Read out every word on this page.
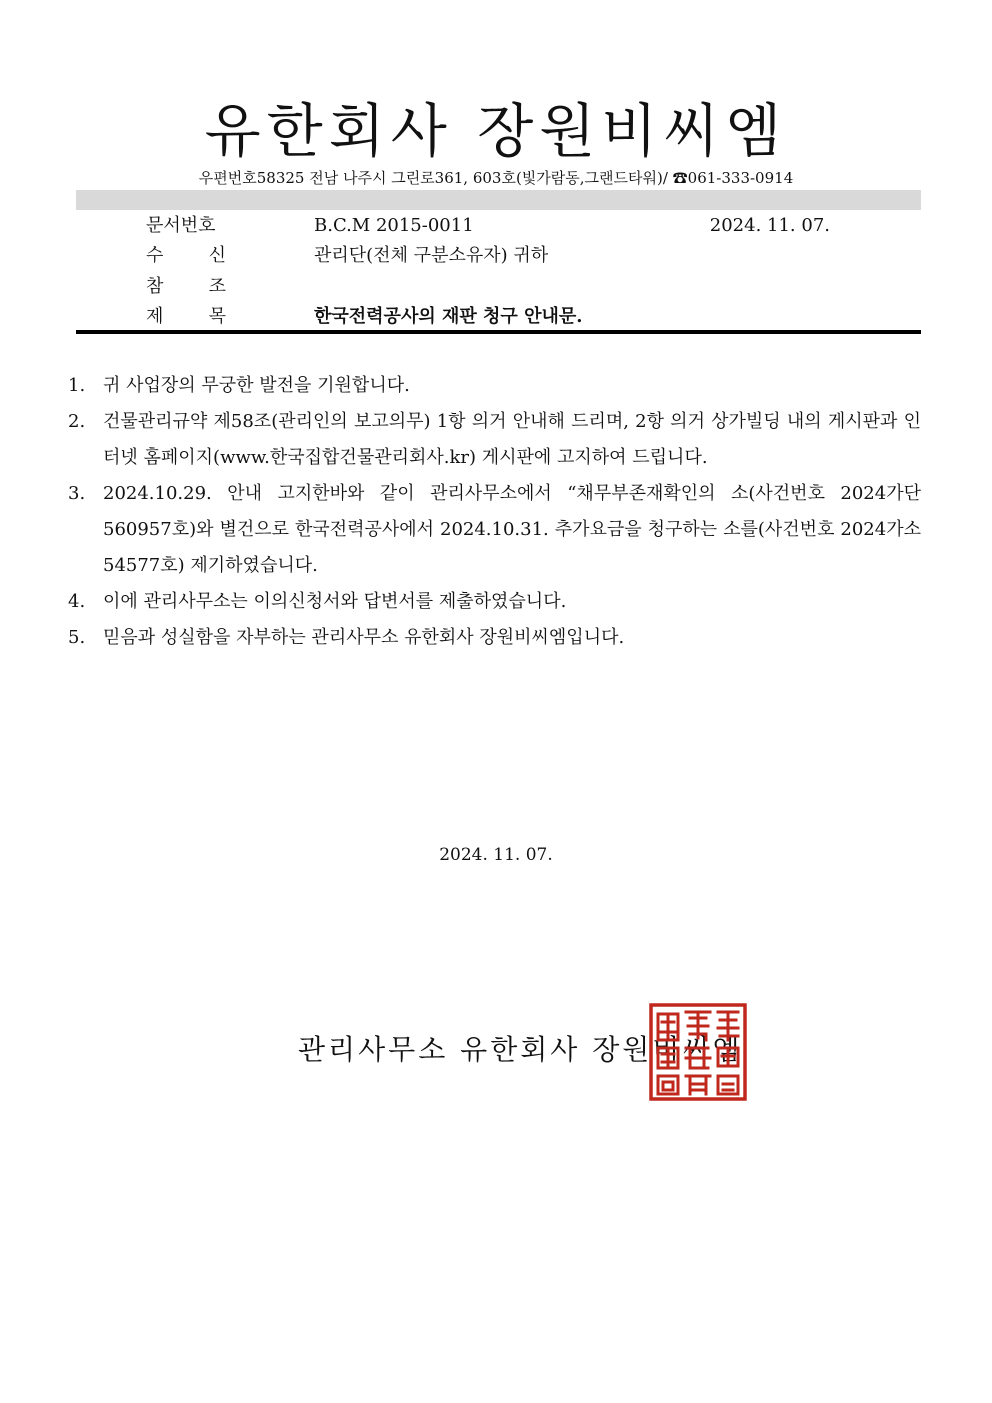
유한회사 장원비씨엠
우편번호58325 전남 나주시 그린로361, 603호(빛가람동,그랜드타워)/ ☎061-333-0914
문서번호	B.C.M 2015-0011	2024. 11. 07.
수	신	관리단(전체 구분소유자) 귀하
참	조
제	목	한국전력공사의 재판 청구 안내문.
1. 귀 사업장의 무궁한 발전을 기원합니다.
2. 건물관리규약 제58조(관리인의 보고의무) 1항 의거 안내해 드리며, 2항 의거 상가빌딩 내의 게시판과 인터넷 홈페이지(www.한국집합건물관리회사.kr) 게시판에 고지하여 드립니다.
3. 2024.10.29. 안내 고지한바와 같이 관리사무소에서 “채무부존재확인의 소(사건번호 2024가단560957호)와 별건으로 한국전력공사에서 2024.10.31. 추가요금을 청구하는 소를(사건번호 2024가소54577호) 제기하였습니다.
4. 이에 관리사무소는 이의신청서와 답변서를 제출하였습니다.
5. 믿음과 성실함을 자부하는 관리사무소 유한회사 장원비씨엠입니다.
2024. 11. 07.
관리사무소 유한회사 장원비씨엠
